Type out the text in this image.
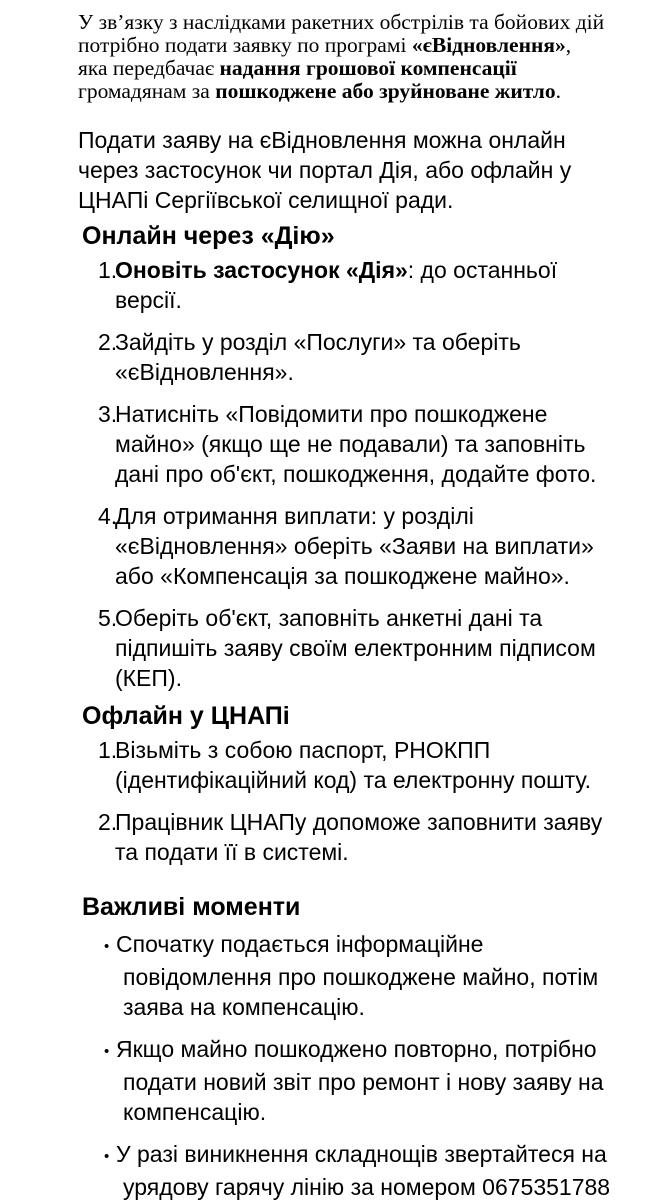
У зв’язку з наслідками ракетних обстрілів та бойових дій потрібно подати заявку по програмі «єВідновлення», яка передбачає надання грошової компенсації громадянам за пошкоджене або зруйноване житло.

Подати заяву на єВідновлення можна онлайн через застосунок чи портал Дія, або офлайн у ЦНАПі Сергіївської селищної ради.

Онлайн через «Дію»
1.
Оновіть застосунок «Дія»: до останньої версії.
2.
Зайдіть у розділ «Послуги» та оберіть «єВідновлення».
3.
Натисніть «Повідомити про пошкоджене майно» (якщо ще не подавали) та заповніть дані про об'єкт, пошкодження, додайте фото.
4.
Для отримання виплати: у розділі «єВідновлення» оберіть «Заяви на виплати» або «Компенсація за пошкоджене майно».
5.
Оберіть об'єкт, заповніть анкетні дані та підпишіть заяву своїм електронним підписом (КЕП).
Офлайн у ЦНАПі
1.
Візьміть з собою паспорт, РНОКПП (ідентифікаційний код) та електронну пошту.
2.
Працівник ЦНАПу допоможе заповнити заяву та подати її в системі.
Важливі моменти
• Спочатку подається інформаційне повідомлення про пошкоджене майно, потім заява на компенсацію.
• Якщо майно пошкоджено повторно, потрібно подати новий звіт про ремонт і нову заяву на компенсацію.
• У разі виникнення складнощів звертайтеся на урядову гарячу лінію за номером 0675351788
